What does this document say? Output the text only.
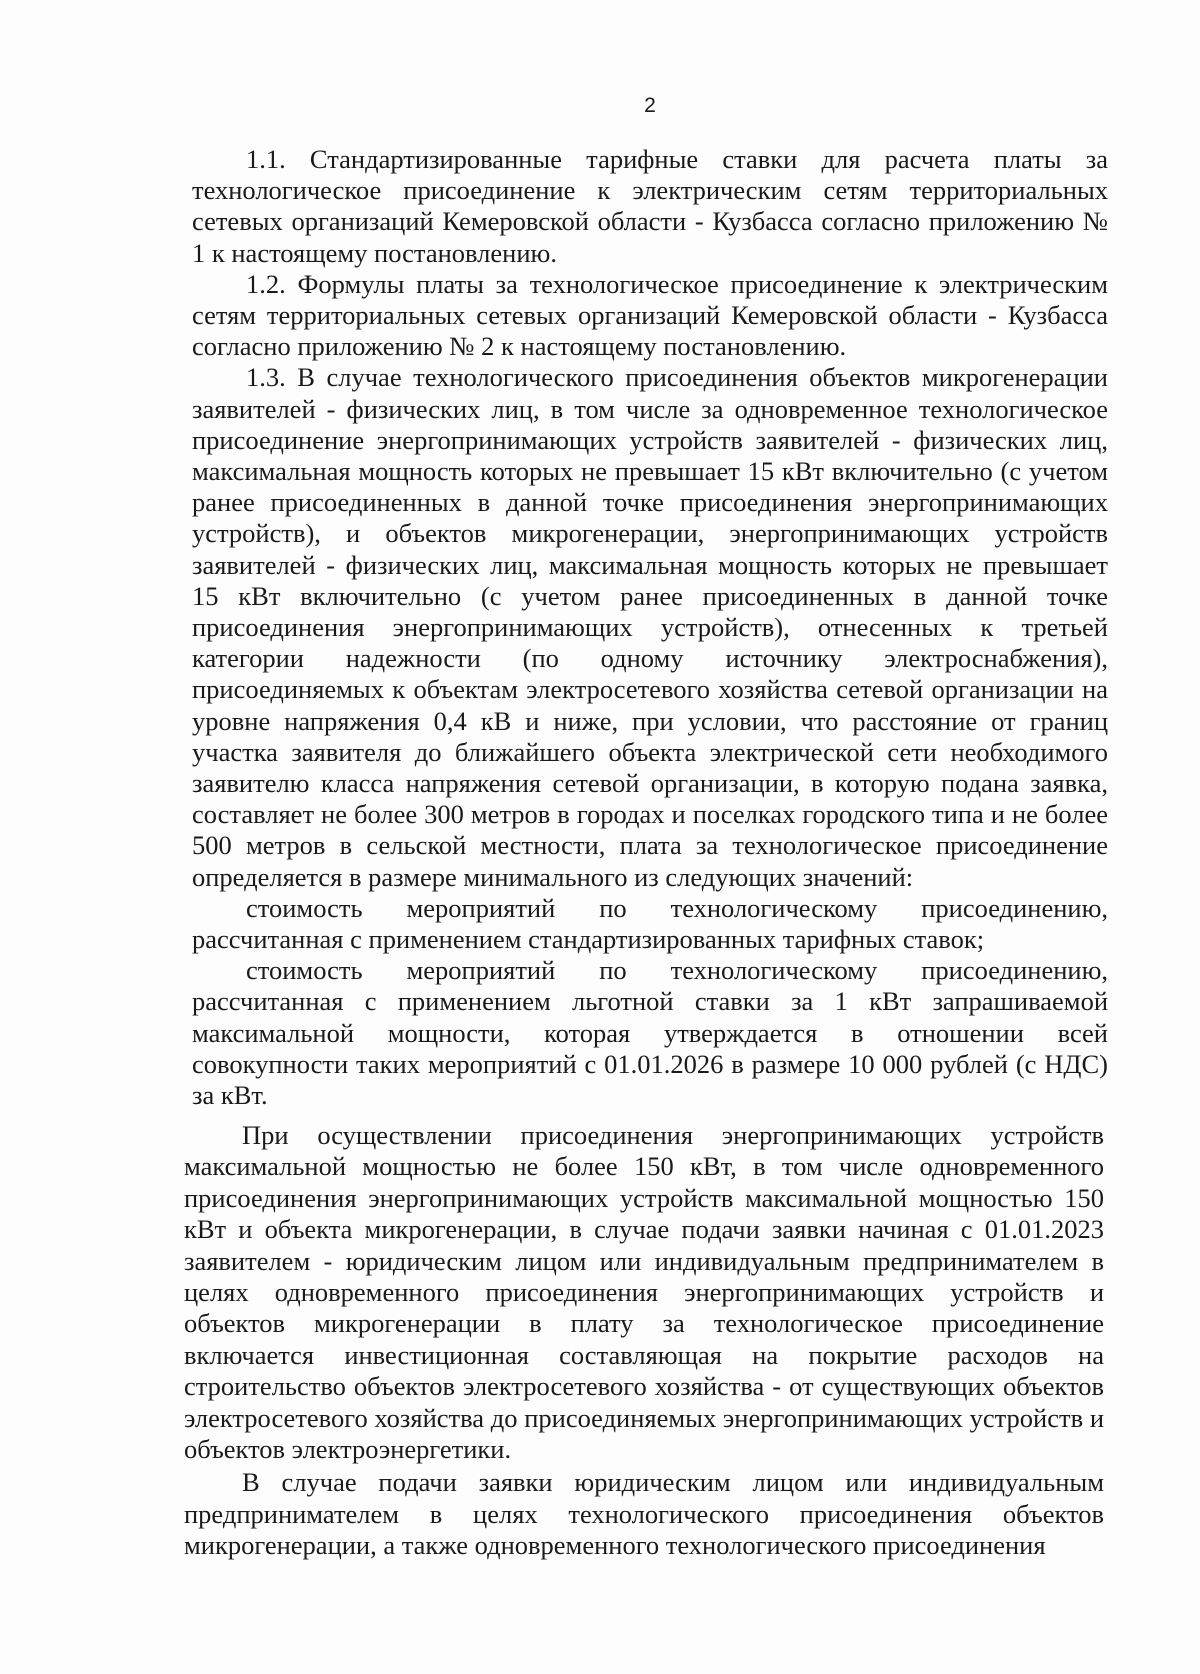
2

1.1. Стандартизированные тарифные ставки для расчета платы за технологическое присоединение к электрическим сетям территориальных сетевых организаций Кемеровской области - Кузбасса согласно приложению № 1 к настоящему постановлению.

1.2. Формулы платы за технологическое присоединение к электрическим сетям территориальных сетевых организаций Кемеровской области - Кузбасса согласно приложению № 2 к настоящему постановлению.

1.3. В случае технологического присоединения объектов микрогенерации заявителей - физических лиц, в том числе за одновременное технологическое присоединение энергопринимающих устройств заявителей - физических лиц, максимальная мощность которых не превышает 15 кВт включительно (с учетом ранее присоединенных в данной точке присоединения энергопринимающих устройств), и объектов микрогенерации, энергопринимающих устройств заявителей - физических лиц, максимальная мощность которых не превышает 15 кВт включительно (с учетом ранее присоединенных в данной точке присоединения энергопринимающих устройств), отнесенных к третьей категории надежности (по одному источнику электроснабжения), присоединяемых к объектам электросетевого хозяйства сетевой организации на уровне напряжения 0,4 кВ и ниже, при условии, что расстояние от границ участка заявителя до ближайшего объекта электрической сети необходимого заявителю класса напряжения сетевой организации, в которую подана заявка, составляет не более 300 метров в городах и поселках городского типа и не более 500 метров в сельской местности, плата за технологическое присоединение определяется в размере минимального из следующих значений:

стоимость мероприятий по технологическому присоединению, рассчитанная с применением стандартизированных тарифных ставок;

стоимость мероприятий по технологическому присоединению, рассчитанная с применением льготной ставки за 1 кВт запрашиваемой максимальной мощности, которая утверждается в отношении всей совокупности таких мероприятий с 01.01.2026 в размере 10 000 рублей (с НДС) за кВт.

При осуществлении присоединения энергопринимающих устройств максимальной мощностью не более 150 кВт, в том числе одновременного присоединения энергопринимающих устройств максимальной мощностью 150 кВт и объекта микрогенерации, в случае подачи заявки начиная с 01.01.2023 заявителем - юридическим лицом или индивидуальным предпринимателем в целях одновременного присоединения энергопринимающих устройств и объектов микрогенерации в плату за технологическое присоединение включается инвестиционная составляющая на покрытие расходов на строительство объектов электросетевого хозяйства - от существующих объектов электросетевого хозяйства до присоединяемых энергопринимающих устройств и объектов электроэнергетики.

В случае подачи заявки юридическим лицом или индивидуальным предпринимателем в целях технологического присоединения объектов микрогенерации, а также одновременного технологического присоединения
